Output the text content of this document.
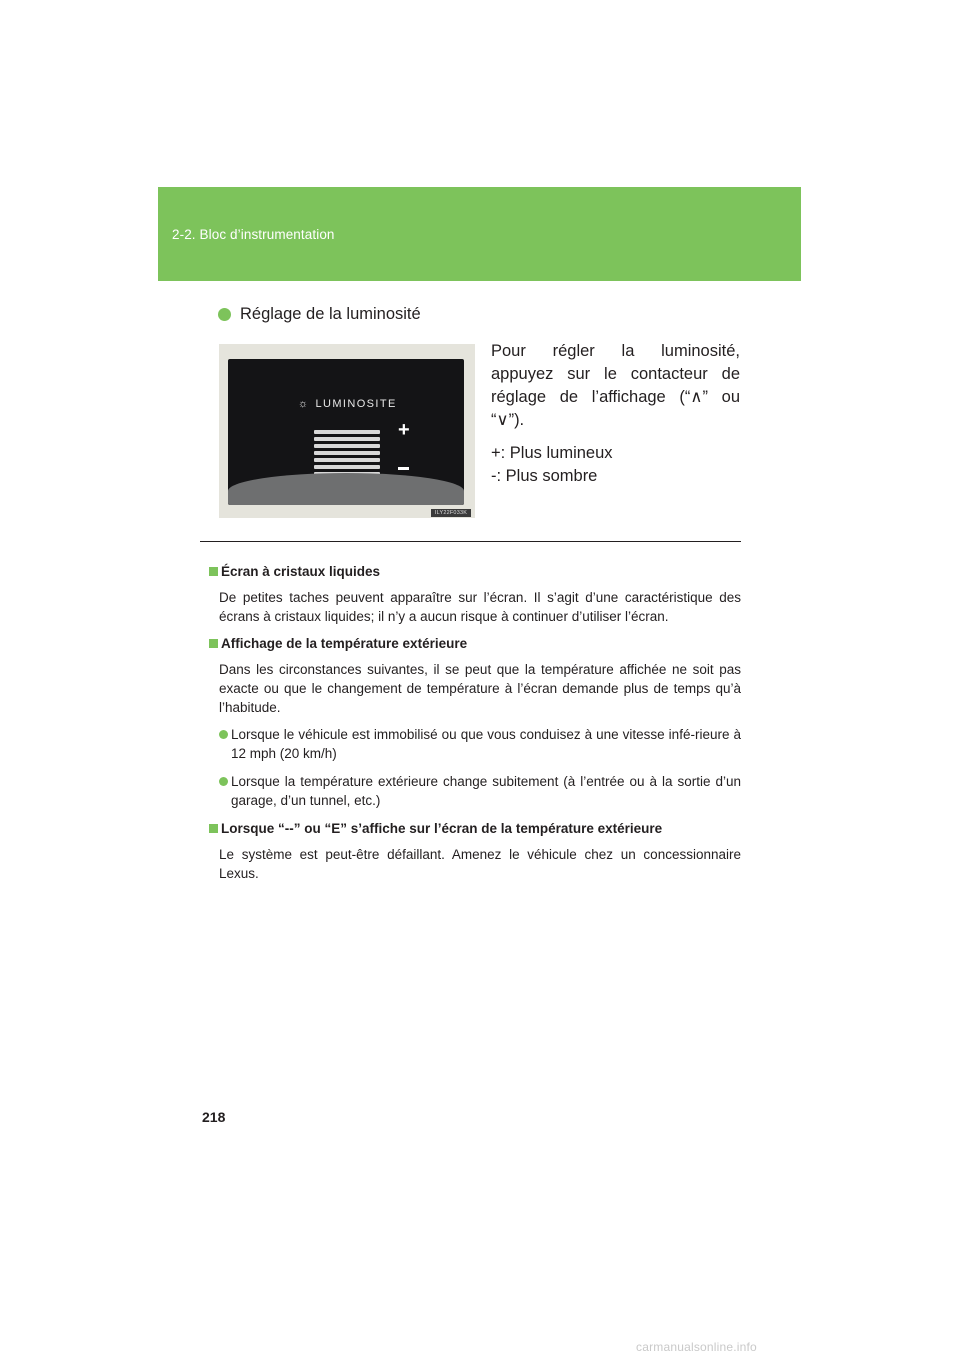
2-2. Bloc d’instrumentation
Réglage de la luminosité
☼ LUMINOSITE
+
ILY22F033K

Pour régler la luminosité, appuyez sur le contacteur de réglage de l’affichage (“∧” ou “∨”).

+: Plus lumineux

-: Plus sombre

Écran à cristaux liquides

De petites taches peuvent apparaître sur l’écran. Il s’agit d’une caractéristique des écrans à cristaux liquides; il n’y a aucun risque à continuer d’utiliser l’écran.

Affichage de la température extérieure

Dans les circonstances suivantes, il se peut que la température affichée ne soit pas exacte ou que le changement de température à l’écran demande plus de temps qu’à l’habitude.

Lorsque le véhicule est immobilisé ou que vous conduisez à une vitesse infé-rieure à 12 mph (20 km/h)
Lorsque la température extérieure change subitement (à l’entrée ou à la sortie d’un garage, d’un tunnel, etc.)

Lorsque “--” ou “E” s’affiche sur l’écran de la température extérieure

Le système est peut-être défaillant. Amenez le véhicule chez un concessionnaire Lexus.

218
carmanualsonline.info
